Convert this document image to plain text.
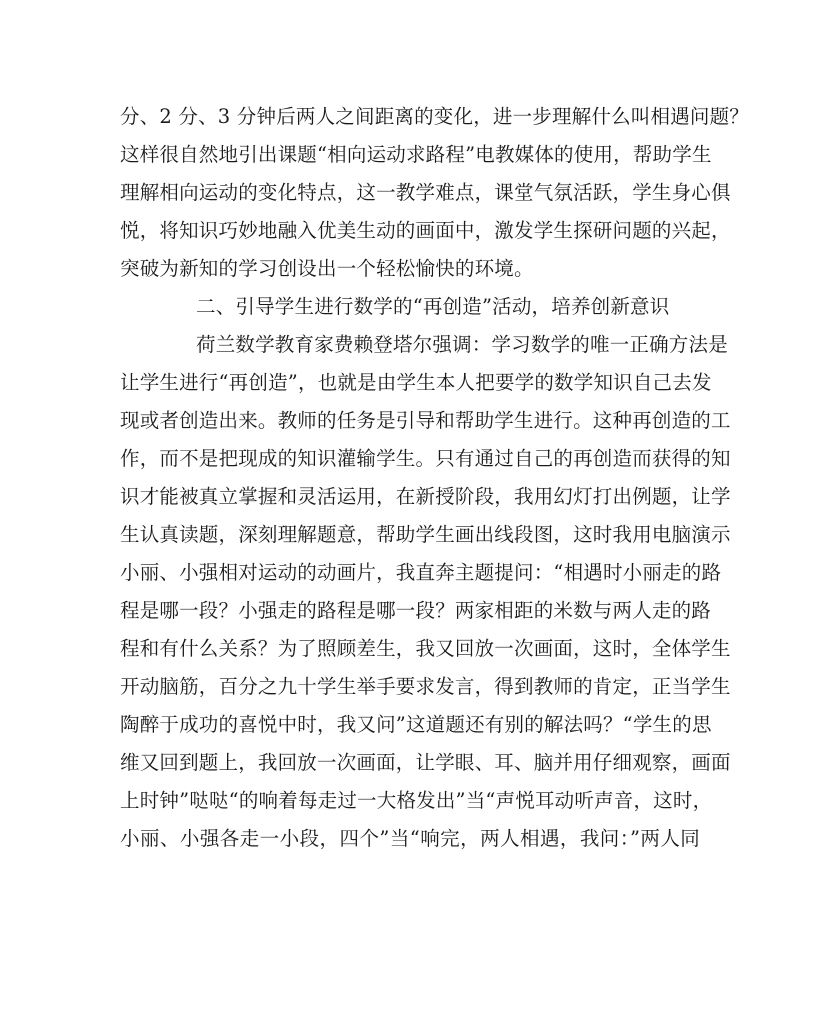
分、2 分、3 分钟后两人之间距离的变化，进一步理解什么叫相遇问题？
这样很自然地引出课题“相向运动求路程”电教媒体的使用，帮助学生
理解相向运动的变化特点，这一教学难点，课堂气氛活跃，学生身心俱
悦，将知识巧妙地融入优美生动的画面中，激发学生探研问题的兴起，
突破为新知的学习创设出一个轻松愉快的环境。
二、引导学生进行数学的“再创造”活动，培养创新意识
荷兰数学教育家费赖登塔尔强调：学习数学的唯一正确方法是
让学生进行“再创造”，也就是由学生本人把要学的数学知识自己去发
现或者创造出来。教师的任务是引导和帮助学生进行。这种再创造的工
作，而不是把现成的知识灌输学生。只有通过自己的再创造而获得的知
识才能被真立掌握和灵活运用，在新授阶段，我用幻灯打出例题，让学
生认真读题，深刻理解题意，帮助学生画出线段图，这时我用电脑演示
小丽、小强相对运动的动画片，我直奔主题提问：“相遇时小丽走的路
程是哪一段？小强走的路程是哪一段？两家相距的米数与两人走的路
程和有什么关系？为了照顾差生，我又回放一次画面，这时，全体学生
开动脑筋，百分之九十学生举手要求发言，得到教师的肯定，正当学生
陶醉于成功的喜悦中时，我又问”这道题还有别的解法吗？“学生的思
维又回到题上，我回放一次画面，让学眼、耳、脑并用仔细观察，画面
上时钟”哒哒“的响着每走过一大格发出”当“声悦耳动听声音，这时，
小丽、小强各走一小段，四个”当“响完，两人相遇，我问：”两人同
